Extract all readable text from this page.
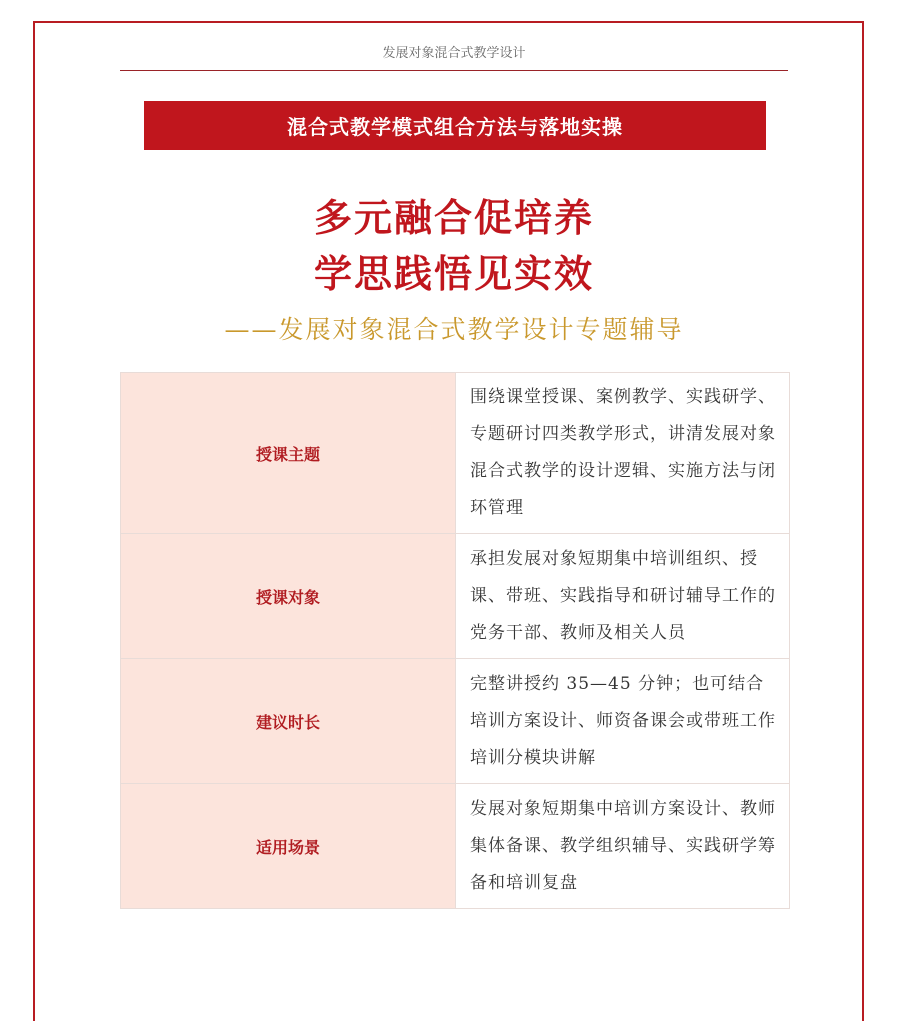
发展对象混合式教学设计
混合式教学模式组合方法与落地实操
多元融合促培养
学思践悟见实效
——发展对象混合式教学设计专题辅导
授课主题	围绕课堂授课、案例教学、实践研学、专题研讨四类教学形式，讲清发展对象混合式教学的设计逻辑、实施方法与闭环管理
授课对象	承担发展对象短期集中培训组织、授课、带班、实践指导和研讨辅导工作的党务干部、教师及相关人员
建议时长	完整讲授约 35—45 分钟；也可结合培训方案设计、师资备课会或带班工作培训分模块讲解
适用场景	发展对象短期集中培训方案设计、教师集体备课、教学组织辅导、实践研学筹备和培训复盘
